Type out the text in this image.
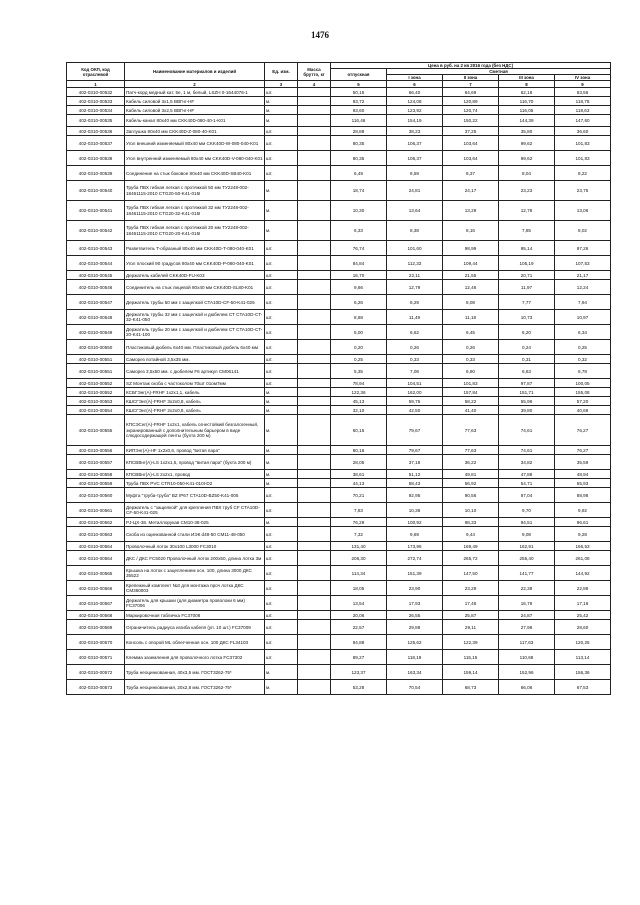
1476
Код ОКП, код отраслевой	Наименование материалов и изделий	Ед. изм.	Масса брутто, кг	Цена в руб. на 2 кв 2016 года (без НДС)				
				отпускная	Сметная			
					I зона	II зона	III зона	IV зона
1	2	3	4	5	6	7	8	9
402-0310-00532	Патч-корд медный кат. 5е, 1 м, белый, LSZH 0-1644076-1	шт.		50,15	66,40	64,69	62,18	63,56
402-0310-00533	Кабель силовой 3х1,5 ВВГнг-HF	м.		93,72	124,08	120,89	116,70	118,78
402-0310-00534	Кабель силовой 3х2,5 ВВГнг-HF	м.		93,60	123,92	120,74	116,05	118,63
402-0310-00535	Кабель-канал 80х40 мм CKK40D-080-40-1-K01	м.		116,46	154,19	150,22	144,39	147,60
402-0310-00536	Заглушка 80х40 мм CKK40D-Z-080-40-K01	шт.		28,88	38,23	37,25	35,80	36,60
402-0310-00537	Угол внешний изменяемый 80х40 мм CKK40D-W-080-040-K01	шт.		80,35	106,37	103,64	99,62	101,83
402-0310-00538	Угол внутренний изменяемый 80х40 мм CKK40D-V-080-040-K01	шт.		80,35	106,37	103,64	99,62	101,83
402-0310-00539	Соединение на стык боковое 80х40 мм CKK40D-SB40-K01	шт.		6,49	8,59	8,37	8,04	8,22
402-0310-00540	Труба ПВХ гибкая легкая с протяжкой 50 мм ТУ2248-002-18461115-2010 CTG20-50-K41-015I	м.		18,74	24,81	24,17	23,23	23,75
402-0310-00541	Труба ПВХ гибкая легкая с протяжкой 32 мм ТУ2248-002-18461115-2010 CTG20-32-K41-015I	м.		10,30	13,64	13,29	12,78	13,06
402-0310-00542	Труба ПВХ гибкая легкая с протяжкой 20 мм ТУ2248-002-18461115-2010 CTG20-20-K41-015I	м.		6,33	8,38	8,16	7,85	8,02
402-0310-00543	Разветвитель T-образный 80х40 мм CKK40D-T-080-040-K01	шт.		76,74	101,60	98,99	95,14	97,26
402-0310-00544	Угол плоский 90 градусов 80х40 мм CKK40D-P-080-040-K01	шт.		84,84	112,33	109,44	105,19	107,53
402-0310-00545	Держатель кабелей CKK40D-FU-K03	шт.		16,70	22,11	21,55	20,71	21,17
402-0310-00546	Соединитель на стык лицевой 80х40 мм CKK40D-SL80-K01	шт.		9,66	12,79	12,46	11,97	12,24
402-0310-00547	Держатель трубы 50 мм с защелкой CTA10D-CF-50-K41-025	шт.		6,26	8,29	8,08	7,77	7,94
402-0310-00548	Держатель трубы 32 мм с защелкой и дюбелем CT CTA10D-CT-32-K41-050	шт.		8,68	11,49	11,18	10,73	10,97
402-0310-00549	Держатель трубы 20 мм с защелкой и дюбелем CT CTA10D-CT-20-K41-100	шт.		5,00	6,62	6,45	6,20	6,34
402-0310-00550	Пластиковый дюбель 6х40 мм. Пластиковый дюбель 6х40 мм	шт.		0,20	0,26	0,26	0,24	0,25
402-0310-00551	Саморез потайной 3,5х35 мм.	шт.		0,25	0,33	0,33	0,31	0,32
402-0310-00551	Саморез 3,5х50 мм. с дюбелем F6 артикул CM06141	шт.		5,35	7,08	6,90	6,63	6,78
402-0310-00552	SZ Монтаж скоба с частоколом 70шт 01ом7мм	шт.		78,94	104,51	101,83	97,87	100,05
402-0310-00552	КСБГЭнг(А)-FRHF 1х2х1,1, кабель	м.		122,36	162,00	157,84	151,71	155,08
402-0310-00553	КШСГЭнг(А)-FRHF 3х2х0,8, кабель	м.		45,13	59,75	58,22	55,96	57,20
402-0310-00554	КШСГЭнг(А)-FRHF 2х2х0,8, кабель	м.		32,10	42,50	41,40	39,80	40,68
402-0310-00555	КПСЭСнг(А)-FRHF 1х2х1, кабель огнестойкий безгалогенный, экранированный с дополнительным барьером в виде слюдосодержащей ленты (бухта 200 м)	м.		60,15	79,67	77,63	74,61	76,27
402-0310-00556	КИПЭнг(А)-HF 1х2х0,6, провод "витая пара"	м.		60,16	79,67	77,63	74,61	76,27
402-0310-00557	КПСВВнг(А)-LS 1х2х1,5, провод "витая пара" (бухта 200 м)	м.		28,05	37,18	36,22	34,82	35,59
402-0310-00558	КПСВВнг(А)-LS 2х2х1, провод	м.		38,61	51,12	49,81	47,88	48,94
402-0310-00559	Труба ПВХ PVC CTR10-050-K41-010I-D2	м.		44,13	58,43	56,92	54,71	55,93
402-0310-00560	Муфта "труба-труба" BZ IP67 CTA10D-BZ50-K41-005	шт.		70,21	92,95	90,56	87,04	88,98
402-0310-00561	Держатель с "защелкой" для крепления ПВХ труб CF CTA10D-CF-50-K41-025	шт.		7,83	10,36	10,10	9,70	9,92
402-0310-00562	PJ-ЦХ-38. Металлорукав CM10-38-025	м.		76,29	100,92	98,33	94,51	96,61
402-0310-00563	Скоба из оцинкованной стали ИЭК d48-50 CM11-48-050	шт.		7,32	9,69	9,44	9,08	9,28
402-0310-00564	Проволочный лоток 30х100 L3000 FC3010	шт.		131,40	173,96	169,49	162,91	166,53
402-0310-00564	ДКС / ДКС FC5020 Проволочный лоток 200х50, длина лотка 3м	шт.		206,30	272,74	265,72	255,40	261,08
402-0310-00565	Крышка на лоток с зацеплением осн. 100, длина 3000 ДКС 35522	шт.		114,34	151,39	147,50	141,77	144,92
402-0310-00566	Крепежный комплект №3 для монтажа проч лотка ДКС CM350003	шт.		18,05	23,90	23,29	22,38	22,88
402-0310-00567	Держатель для крышки (для диаметра проволоки 6 мм) FC37006	шт.		13,54	17,93	17,46	16,79	17,16
402-0310-00568	Маркировочная табличка FC37008	шт.		20,06	26,55	25,87	24,87	25,42
402-0310-00569	Ограничитель радиуса изгиба кабеля (уп. 10 шт.) FC37009	шт.		22,57	29,88	29,11	27,98	28,60
402-0310-00570	Консоль с опорой ML облегченная осн. 100 ДКС FL34103	шт.		94,88	125,62	122,39	117,63	120,25
402-0310-00571	Клемма заземления для проволочного лотка FC37302	шт.		89,27	118,19	115,15	110,68	113,14
402-0310-00572	Труба неоцинкованная, 40х3,5 мм. ГОСТ3262-75*	м.		123,37	163,34	159,14	152,96	156,36
402-0310-00573	Труба неоцинкованная, 20х2,8 мм. ГОСТ3262-75*	м.		53,28	70,54	68,73	66,06	67,53
